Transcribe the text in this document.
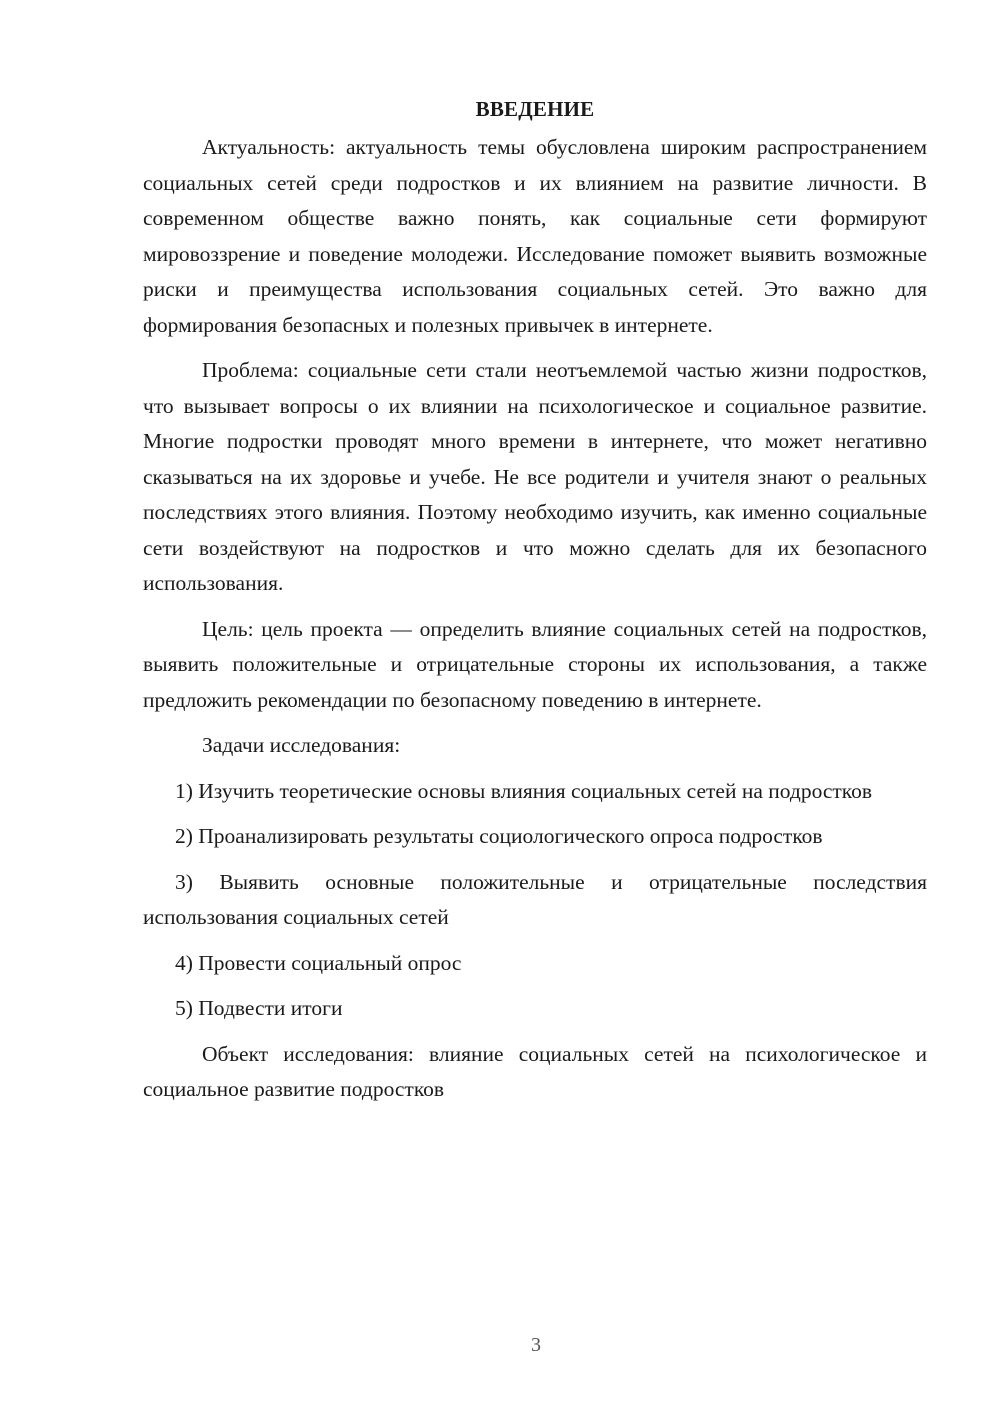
ВВЕДЕНИЕ

Актуальность: актуальность темы обусловлена широким распространением социальных сетей среди подростков и их влиянием на развитие личности. В современном обществе важно понять, как социальные сети формируют мировоззрение и поведение молодежи. Исследование поможет выявить возможные риски и преимущества использования социальных сетей. Это важно для формирования безопасных и полезных привычек в интернете.

Проблема: социальные сети стали неотъемлемой частью жизни подростков, что вызывает вопросы о их влиянии на психологическое и социальное развитие. Многие подростки проводят много времени в интернете, что может негативно сказываться на их здоровье и учебе. Не все родители и учителя знают о реальных последствиях этого влияния. Поэтому необходимо изучить, как именно социальные сети воздействуют на подростков и что можно сделать для их безопасного использования.

Цель: цель проекта — определить влияние социальных сетей на подростков, выявить положительные и отрицательные стороны их использования, а также предложить рекомендации по безопасному поведению в интернете.

Задачи исследования:

1) Изучить теоретические основы влияния социальных сетей на подростков

2) Проанализировать результаты социологического опроса подростков

3) Выявить основные положительные и отрицательные последствия использования социальных сетей

4) Провести социальный опрос

5) Подвести итоги

Объект исследования: влияние социальных сетей на психологическое и социальное развитие подростков

3
